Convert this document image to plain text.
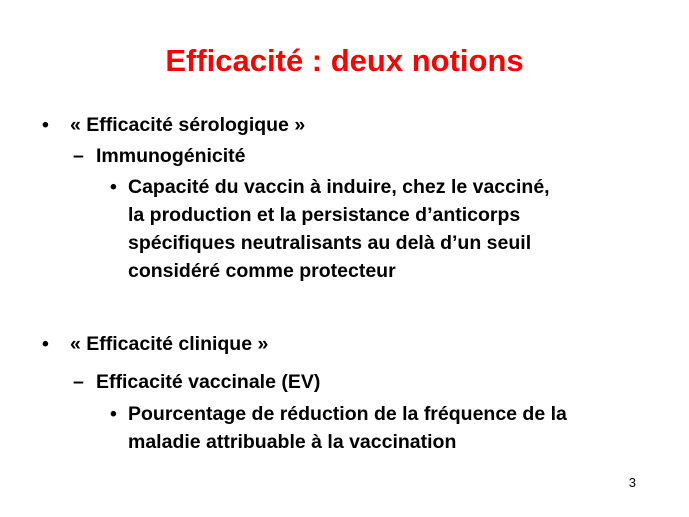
Efficacité : deux notions
• « Efficacité sérologique »
– Immunogénicité
• Capacité du vaccin à induire, chez le vacciné,
la production et la persistance d’anticorps
spécifiques neutralisants au delà d’un seuil
considéré comme protecteur
• « Efficacité clinique »
– Efficacité vaccinale (EV)
• Pourcentage de réduction de la fréquence de la
maladie attribuable à la vaccination
3
